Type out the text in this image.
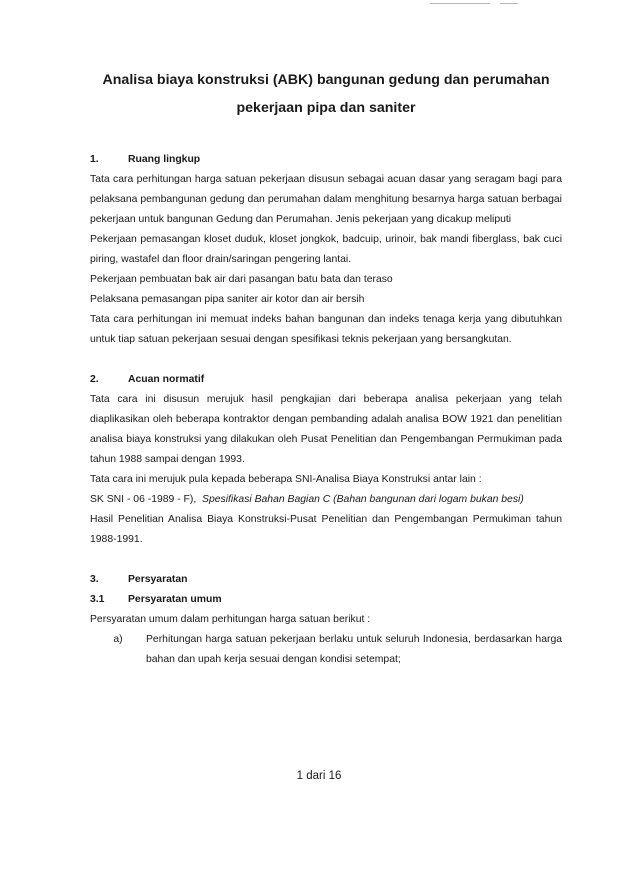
Analisa biaya konstruksi (ABK) bangunan gedung dan perumahan

pekerjaan pipa dan saniter

1.	Ruang lingkup

Tata cara perhitungan harga satuan pekerjaan disusun sebagai acuan dasar yang seragam bagi para pelaksana pembangunan gedung dan perumahan dalam menghitung besarnya harga satuan berbagai pekerjaan untuk bangunan Gedung dan Perumahan. Jenis pekerjaan yang dicakup meliputi

Pekerjaan pemasangan kloset duduk, kloset jongkok, badcuip, urinoir, bak mandi fiberglass, bak cuci piring, wastafel dan floor drain/saringan pengering lantai.

Pekerjaan pembuatan bak air dari pasangan batu bata dan teraso

Pelaksana pemasangan pipa saniter air kotor dan air bersih

Tata cara perhitungan ini memuat indeks bahan bangunan dan indeks tenaga kerja yang dibutuhkan untuk tiap satuan pekerjaan sesuai dengan spesifikasi teknis pekerjaan yang bersangkutan.

2.	Acuan normatif

Tata cara ini disusun merujuk hasil pengkajian dari beberapa analisa pekerjaan yang telah diaplikasikan oleh beberapa kontraktor dengan pembanding adalah analisa BOW 1921 dan penelitian analisa biaya konstruksi yang dilakukan oleh Pusat Penelitian dan Pengembangan Permukiman pada tahun 1988 sampai dengan 1993.

Tata cara ini merujuk pula kepada beberapa SNI-Analisa Biaya Konstruksi antar lain :

SK SNI - 06 -1989 - F), Spesifikasi Bahan Bagian C (Bahan bangunan dari logam bukan besi)

Hasil Penelitian Analisa Biaya Konstruksi-Pusat Penelitian dan Pengembangan Permukiman tahun 1988-1991.

3.	Persyaratan
3.1	Persyaratan umum

Persyaratan umum dalam perhitungan harga satuan berikut :

a)	Perhitungan harga satuan pekerjaan berlaku untuk seluruh Indonesia, berdasarkan harga bahan dan upah kerja sesuai dengan kondisi setempat;
1 dari 16
